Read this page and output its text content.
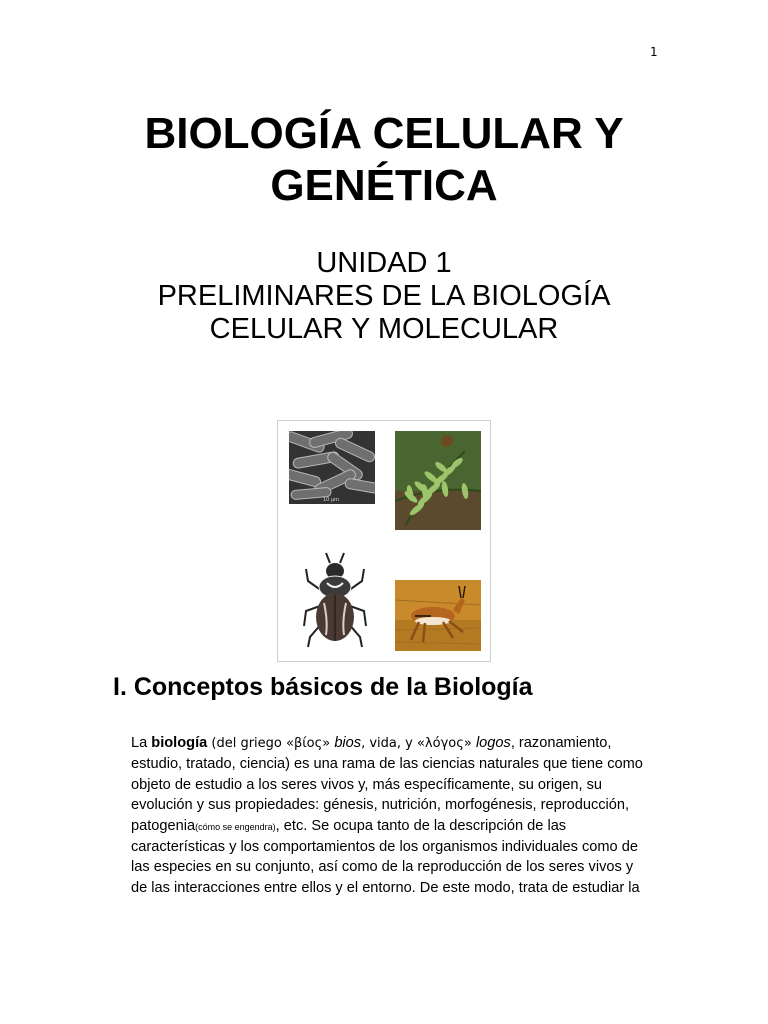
1
BIOLOGÍA CELULAR Y
GENÉTICA
UNIDAD 1
PRELIMINARES DE LA BIOLOGÍA
CELULAR Y MOLECULAR
10 μm
I. Conceptos básicos de la Biología
La biología (del griego «βίος» bios, vida, y «λόγος» logos, razonamiento,
estudio, tratado, ciencia) es una rama de las ciencias naturales que tiene como
objeto de estudio a los seres vivos y, más específicamente, su origen, su
evolución y sus propiedades: génesis, nutrición, morfogénesis, reproducción,
patogenia(cómo se engendra), etc. Se ocupa tanto de la descripción de las
características y los comportamientos de los organismos individuales como de
las especies en su conjunto, así como de la reproducción de los seres vivos y
de las interacciones entre ellos y el entorno. De este modo, trata de estudiar la
